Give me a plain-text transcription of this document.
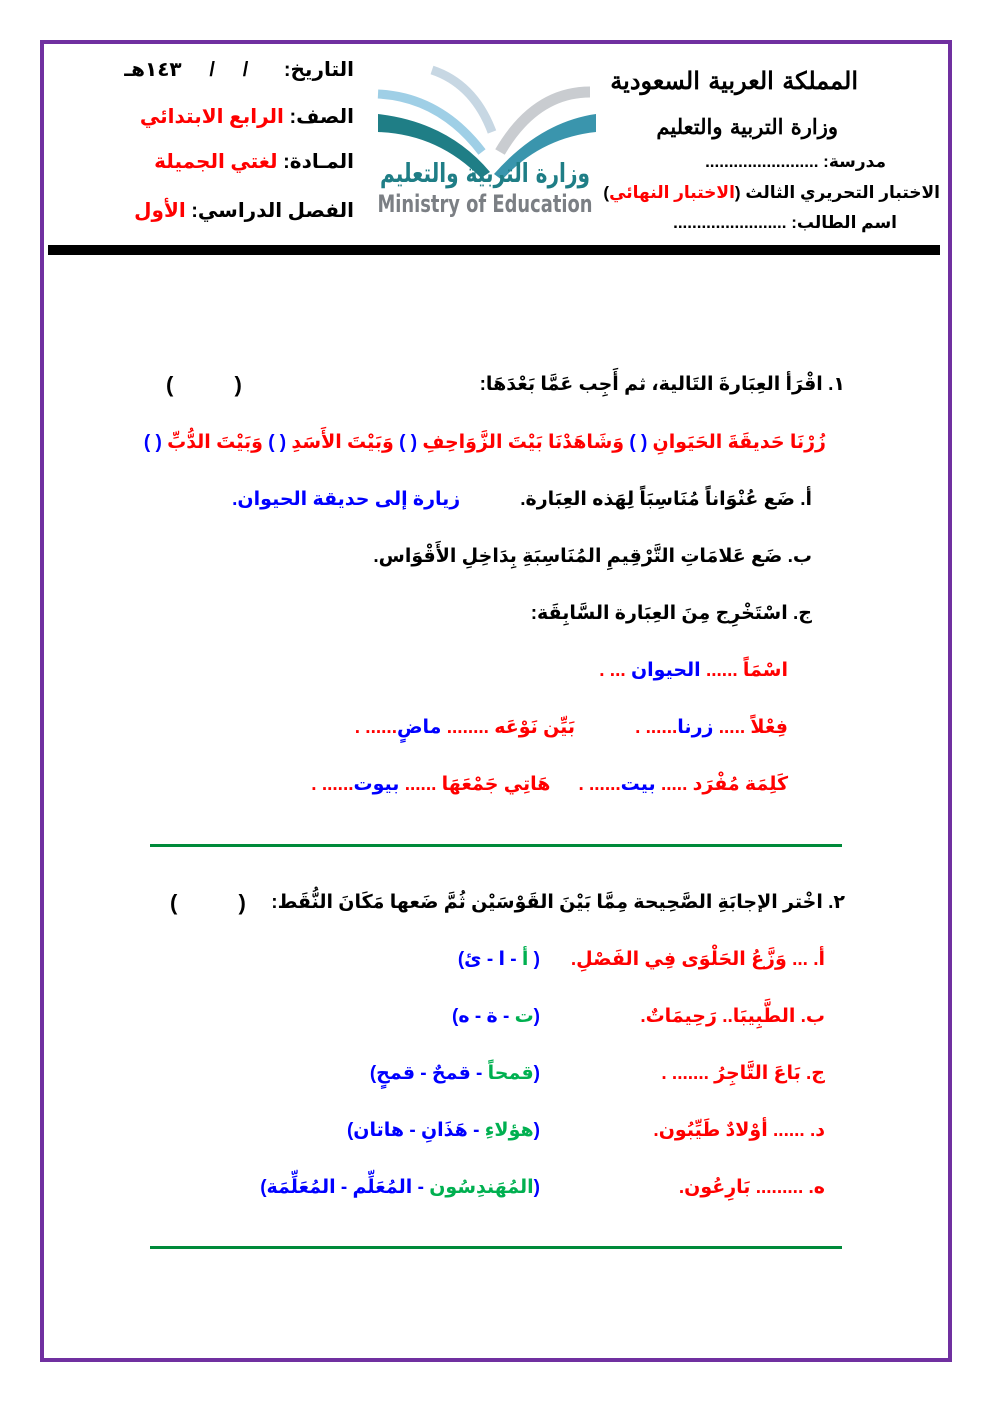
المملكة العربية السعودية
وزارة التربية والتعليم
مدرسة: ........................
الاختبار التحريري الثالث (الاختبار النهائي)
اسم الطالب: ........................
وزارة التربية والتعليم
Ministry of Education
التاريخ: /     /     ١٤٣هـ
الصف: الرابع الابتدائي
المـادة: لغتي الجميلة
الفصل الدراسي: الأول
١. اقْرَأ العِبَارةَ التَالية، ثم أَجِب عَمَّا بَعْدَهَا:
(          )
زُرْنَا حَديقَةَ الحَيَوانِ ( ) وَشَاهَدْنَا بَيْتَ الزَّوَاحِفِ ( ) وَبَيْتَ الأَسَدِ ( ) وَبَيْتَ الدُّبِّ ( )
أ. ضَع عُنْوَاناً مُنَاسِبَاً لِهَذه العِبَارة.
زيارة إلى حديقة الحيوان.
ب. ضَع عَلامَاتِ التَّرْقِيمِ المُنَاسِبَةِ بِدَاخِلِ الأَقْوَاس.
ج. اسْتَخْرِج مِنَ العِبَارة السَّابِقَة:
اسْمَاً ...... الحيوان ... .
فِعْلاً ..... زرنا...... .
بَيِّن نَوْعَه ........ ماضٍ...... .
كَلِمَة مُفْرَد ..... بيت...... .
هَاتِي جَمْعَهَا ...... بيوت...... .
٢. اخْتر الإجابَةِ الصَّحِيحة مِمَّا بَيْنَ القَوْسَيْن ثُمَّ ضَعها مَكَانَ النُّقَط:
(          )
أ. ... وَزَّعُ الحَلْوَى فِي الفَصْلِ.
( أ - ا - ئ)
ب. الطَّبِيبَا.. رَحِيمَاتٌ.
(ت - ة - ه)
ج. بَاعَ التَّاجِرُ ....... .
(قمحاً - قمحٌ - قمحٍ)
د. ...... أوْلادٌ طَيِّبُون.
(هؤلاءِ - هَذَانِ - هاتان)
ه. ......... بَارِعُون.
(المُهَندِسُون - المُعَلِّم - المُعَلِّمَة)
